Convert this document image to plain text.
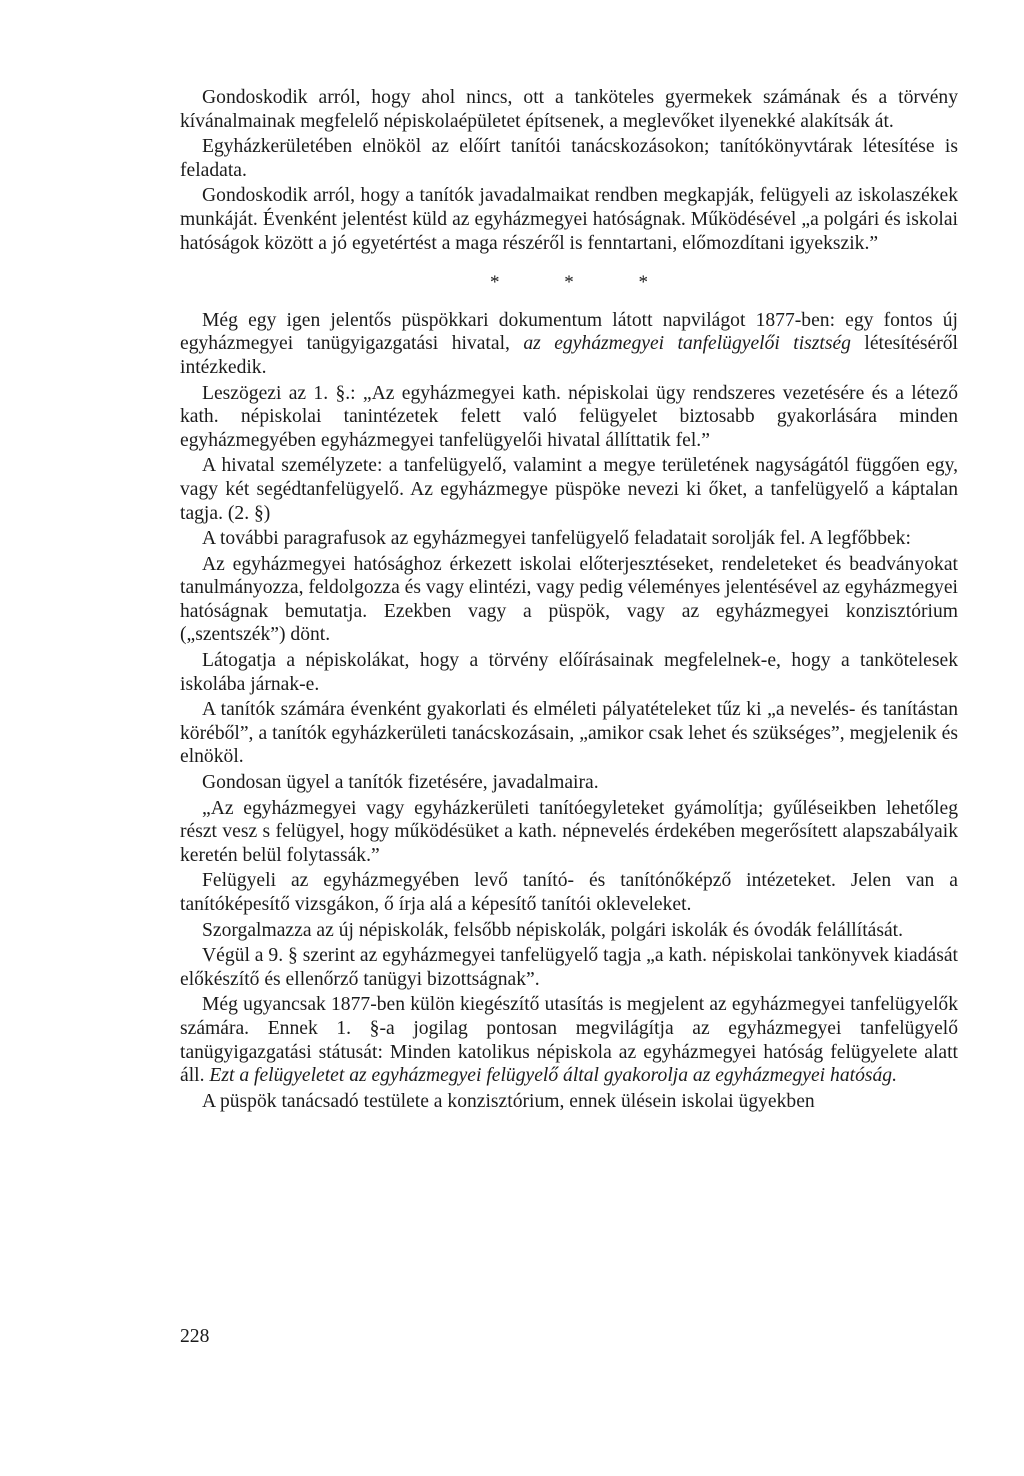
Gondoskodik arról, hogy ahol nincs, ott a tanköteles gyermekek számának és a törvény kívánalmainak megfelelő népiskolaépületet építsenek, a meglevőket ilyenekké alakítsák át.

Egyházkerületében elnököl az előírt tanítói tanácskozásokon; tanítókönyvtárak létesítése is feladata.

Gondoskodik arról, hogy a tanítók javadalmaikat rendben megkapják, felügyeli az iskolaszékek munkáját. Évenként jelentést küld az egyházmegyei hatóságnak. Működésével „a polgári és iskolai hatóságok között a jó egyetértést a maga részéről is fenntartani, előmozdítani igyekszik.”

* * *

Még egy igen jelentős püspökkari dokumentum látott napvilágot 1877-ben: egy fontos új egyházmegyei tanügyigazgatási hivatal, az egyházmegyei tanfelügyelői tisztség létesítéséről intézkedik.

Leszögezi az 1. §.: „Az egyházmegyei kath. népiskolai ügy rendszeres vezetésére és a létező kath. népiskolai tanintézetek felett való felügyelet biztosabb gyakorlására minden egyházmegyében egyházmegyei tanfelügyelői hivatal állíttatik fel.”

A hivatal személyzete: a tanfelügyelő, valamint a megye területének nagyságától függően egy, vagy két segédtanfelügyelő. Az egyházmegye püspöke nevezi ki őket, a tanfelügyelő a káptalan tagja. (2. §)

A további paragrafusok az egyházmegyei tanfelügyelő feladatait sorolják fel. A legfőbbek:

Az egyházmegyei hatósághoz érkezett iskolai előterjesztéseket, rendeleteket és beadványokat tanulmányozza, feldolgozza és vagy elintézi, vagy pedig véleményes jelentésével az egyházmegyei hatóságnak bemutatja. Ezekben vagy a püspök, vagy az egyházmegyei konzisztórium („szentszék”) dönt.

Látogatja a népiskolákat, hogy a törvény előírásainak megfelelnek-e, hogy a tankötelesek iskolába járnak-e.

A tanítók számára évenként gyakorlati és elméleti pályatételeket tűz ki „a nevelés- és tanítástan köréből”, a tanítók egyházkerületi tanácskozásain, „amikor csak lehet és szükséges”, megjelenik és elnököl.

Gondosan ügyel a tanítók fizetésére, javadalmaira.

„Az egyházmegyei vagy egyházkerületi tanítóegyleteket gyámolítja; gyűléseikben lehetőleg részt vesz s felügyel, hogy működésüket a kath. népnevelés érdekében megerősített alapszabályaik keretén belül folytassák.”

Felügyeli az egyházmegyében levő tanító- és tanítónőképző intézeteket. Jelen van a tanítóképesítő vizsgákon, ő írja alá a képesítő tanítói okleveleket.

Szorgalmazza az új népiskolák, felsőbb népiskolák, polgári iskolák és óvodák felállítását.

Végül a 9. § szerint az egyházmegyei tanfelügyelő tagja „a kath. népiskolai tankönyvek kiadását előkészítő és ellenőrző tanügyi bizottságnak”.

Még ugyancsak 1877-ben külön kiegészítő utasítás is megjelent az egyházmegyei tanfelügyelők számára. Ennek 1. §-a jogilag pontosan megvilágítja az egyházmegyei tanfelügyelő tanügyigazgatási státusát: Minden katolikus népiskola az egyházmegyei hatóság felügyelete alatt áll. Ezt a felügyeletet az egyházmegyei felügyelő által gyakorolja az egyházmegyei hatóság.

A püspök tanácsadó testülete a konzisztórium, ennek ülésein iskolai ügyekben

228
